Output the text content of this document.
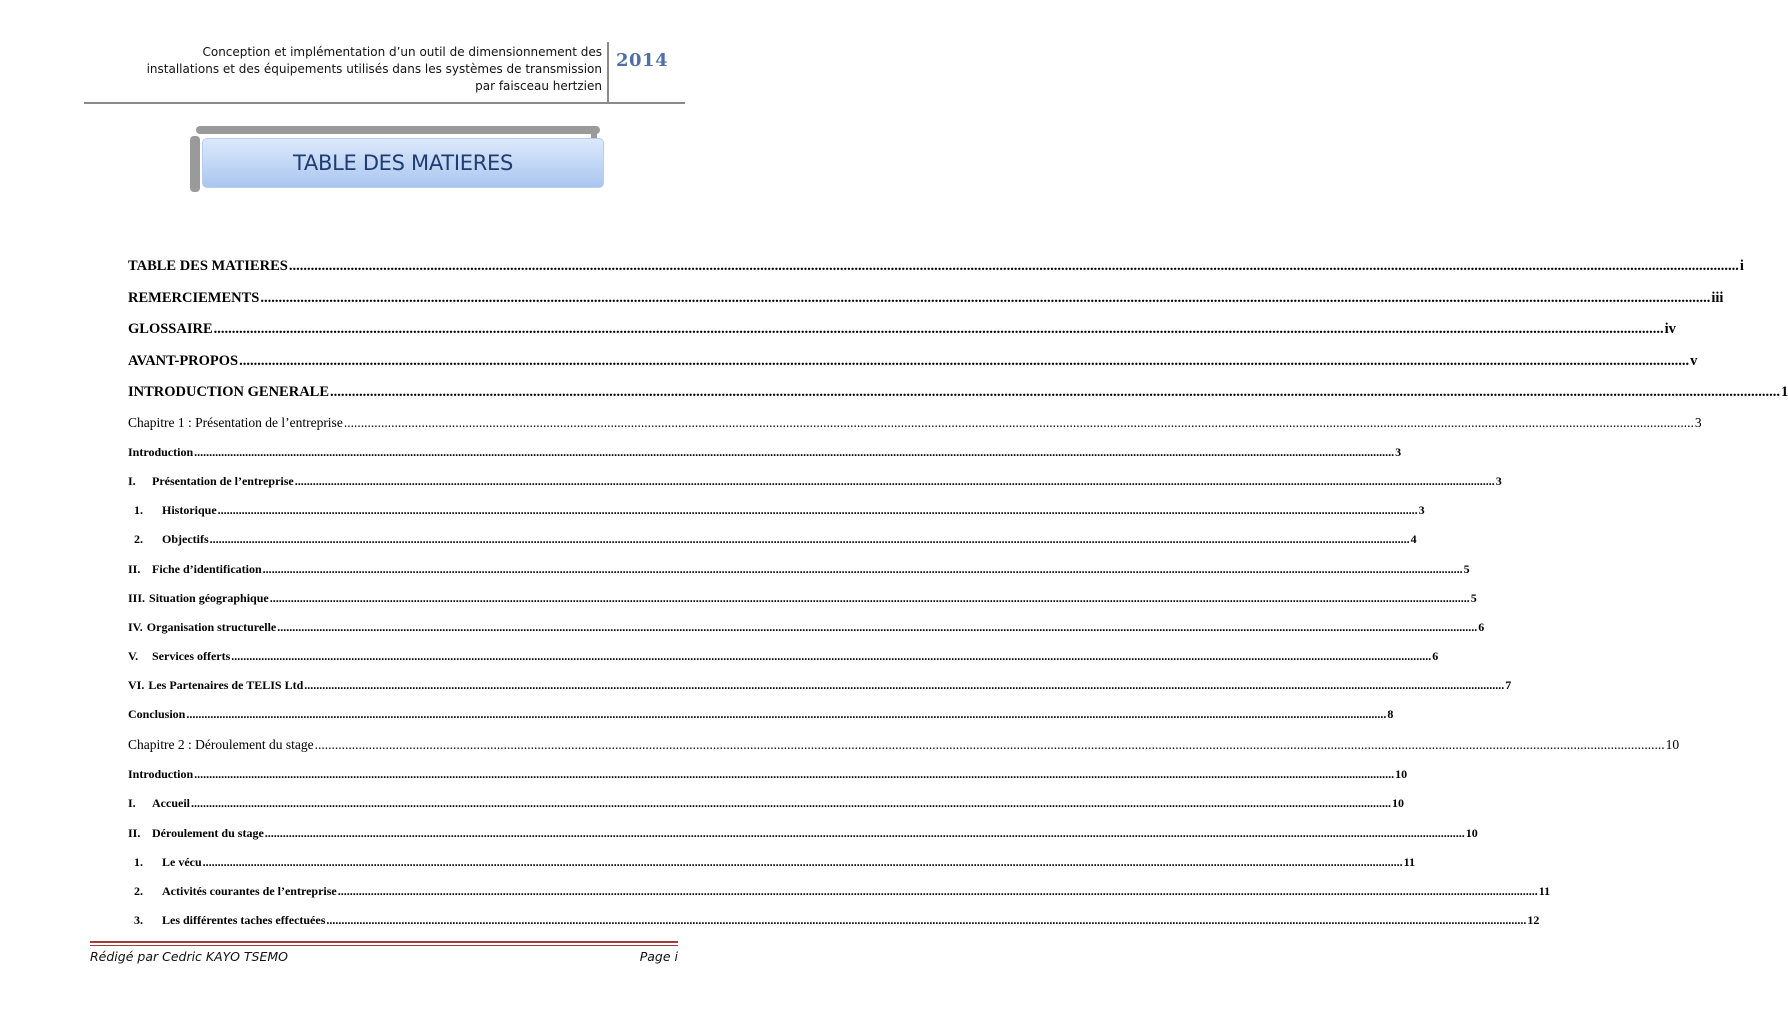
Conception et implémentation d’un outil de dimensionnement des
installations et des équipements utilisés dans les systèmes de transmission
par faisceau hertzien
2014
TABLE DES MATIERES
TABLE DES MATIERES ................................................................................................................................................................................................................................................................................................................................................................................................................ i
REMERCIEMENTS ................................................................................................................................................................................................................................................................................................................................................................................................................ iii
GLOSSAIRE ................................................................................................................................................................................................................................................................................................................................................................................................................ iv
AVANT-PROPOS ................................................................................................................................................................................................................................................................................................................................................................................................................ v
INTRODUCTION GENERALE ................................................................................................................................................................................................................................................................................................................................................................................................................ 1
Chapitre 1 : Présentation de l’entreprise ................................................................................................................................................................................................................................................................................................................................................................................................................ 3
Introduction ................................................................................................................................................................................................................................................................................................................................................................................................................ 3
I.	Présentation de l’entreprise ................................................................................................................................................................................................................................................................................................................................................................................................................ 3
1.	Historique ................................................................................................................................................................................................................................................................................................................................................................................................................ 3
2.	Objectifs ................................................................................................................................................................................................................................................................................................................................................................................................................ 4
II. Fiche d’identification ................................................................................................................................................................................................................................................................................................................................................................................................................ 5
III. Situation géographique ................................................................................................................................................................................................................................................................................................................................................................................................................ 5
IV. Organisation structurelle ................................................................................................................................................................................................................................................................................................................................................................................................................ 6
V.	Services offerts ................................................................................................................................................................................................................................................................................................................................................................................................................ 6
VI. Les Partenaires de TELIS Ltd ................................................................................................................................................................................................................................................................................................................................................................................................................ 7
Conclusion ................................................................................................................................................................................................................................................................................................................................................................................................................ 8
Chapitre 2 : Déroulement du stage ................................................................................................................................................................................................................................................................................................................................................................................................................ 10
Introduction ................................................................................................................................................................................................................................................................................................................................................................................................................ 10
I.	Accueil ................................................................................................................................................................................................................................................................................................................................................................................................................ 10
II. Déroulement du stage ................................................................................................................................................................................................................................................................................................................................................................................................................ 10
1.	Le vécu ................................................................................................................................................................................................................................................................................................................................................................................................................ 11
2.	Activités courantes de l’entreprise ................................................................................................................................................................................................................................................................................................................................................................................................................ 11
3.	Les différentes taches effectuées ................................................................................................................................................................................................................................................................................................................................................................................................................ 12
Rédigé par Cedric KAYO TSEMO	Page i
